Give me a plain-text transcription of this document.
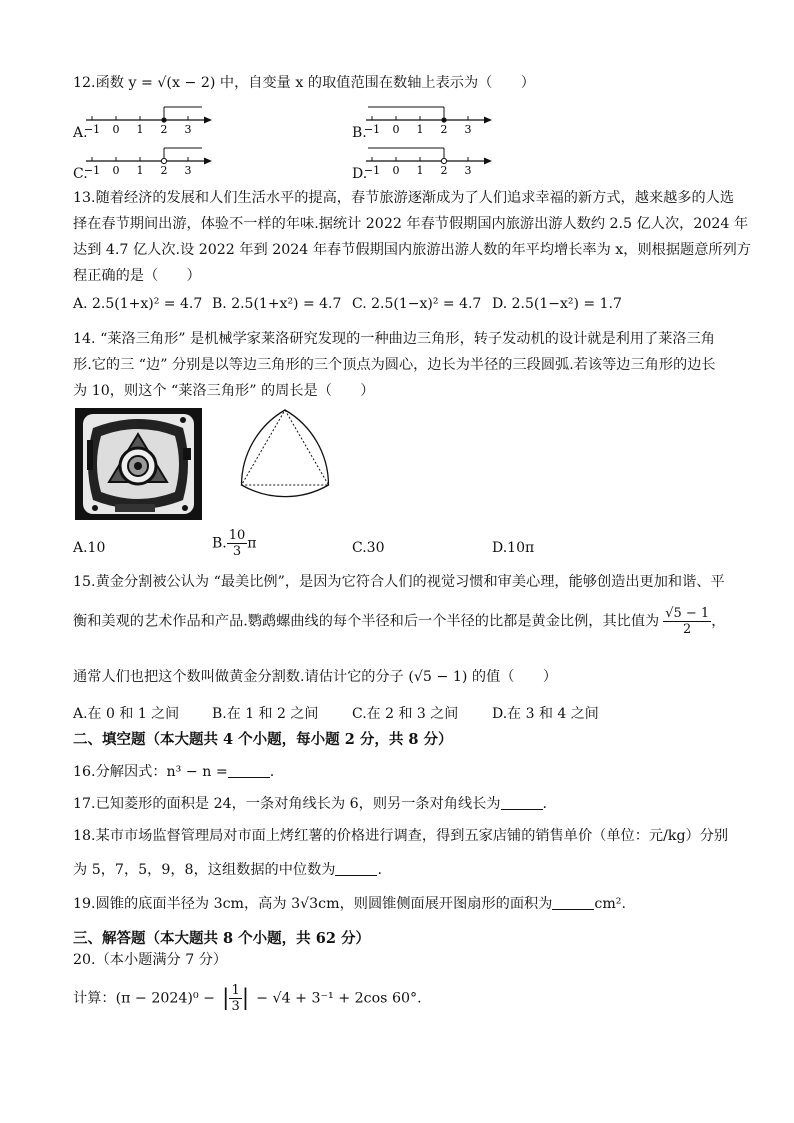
12.函数 y = √(x − 2) 中，自变量 x 的取值范围在数轴上表示为（　　）
A.
−1 0 1 2 3	B.
−1 0 1 2 3
C.
−1 0 1 2 3	D.
−1 0 1 2 3
13.随着经济的发展和人们生活水平的提高，春节旅游逐渐成为了人们追求幸福的新方式，越来越多的人选
择在春节期间出游，体验不一样的年味.据统计 2022 年春节假期国内旅游出游人数约 2.5 亿人次，2024 年
达到 4.7 亿人次.设 2022 年到 2024 年春节假期国内旅游出游人数的年平均增长率为 x，则根据题意所列方
程正确的是（　　）
A. 2.5(1+x)² = 4.7 B. 2.5(1+x²) = 4.7 C. 2.5(1−x)² = 4.7 D. 2.5(1−x²) = 1.7
14. “莱洛三角形” 是机械学家莱洛研究发现的一种曲边三角形，转子发动机的设计就是利用了莱洛三角
形.它的三 “边” 分别是以等边三角形的三个顶点为圆心，边长为半径的三段圆弧.若该等边三角形的边长
为 10，则这个 “莱洛三角形” 的周长是（　　）
A.10	B. $\frac{10}{3}$ π	C.30	D.10π
15.黄金分割被公认为 “最美比例”，是因为它符合人们的视觉习惯和审美心理，能够创造出更加和谐、平
衡和美观的艺术作品和产品.鹦鹉螺曲线的每个半径和后一个半径的比都是黄金比例，其比值为 $\frac{√5 - 1}{2}$ ，
通常人们也把这个数叫做黄金分割数.请估计它的分子 (√5 − 1) 的值（　　）
A.在 0 和 1 之间 B.在 1 和 2 之间 C.在 2 和 3 之间 D.在 3 和 4 之间
二、填空题（本大题共 4 个小题，每小题 2 分，共 8 分）
16.分解因式：n³ − n =	.
17.已知菱形的面积是 24，一条对角线长为 6，则另一条对角线长为	.
18.某市市场监督管理局对市面上烤红薯的价格进行调查，得到五家店铺的销售单价（单位：元/kg）分别
为 5，7，5，9，8，这组数据的中位数为	.
19.圆锥的底面半径为 3cm，高为 3√3cm，则圆锥侧面展开图扇形的面积为	cm².
三、解答题（本大题共 8 个小题，共 62 分）
20.（本小题满分 7 分）
计算：(π − 2024)⁰ − | $\frac{1}{3}$ | − √4 + 3⁻¹ + 2cos 60°.
